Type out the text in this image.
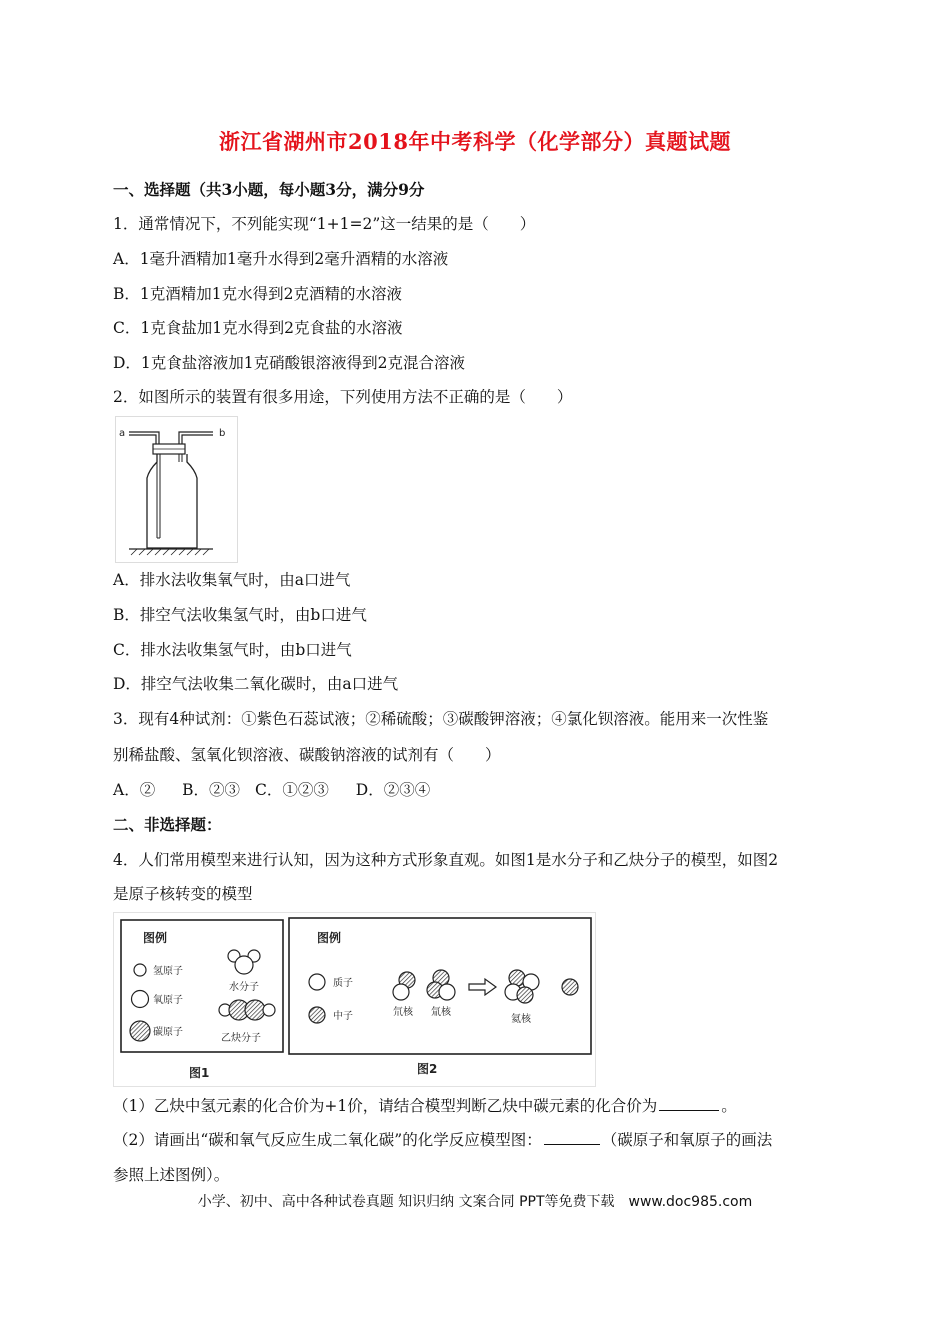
浙江省湖州市2018年中考科学（化学部分）真题试题
一、选择题（共3小题，每小题3分，满分9分
1．通常情况下，不列能实现“1+1=2”这一结果的是（　　）
A．1毫升酒精加1毫升水得到2毫升酒精的水溶液
B．1克酒精加1克水得到2克酒精的水溶液
C．1克食盐加1克水得到2克食盐的水溶液
D．1克食盐溶液加1克硝酸银溶液得到2克混合溶液
2．如图所示的装置有很多用途，下列使用方法不正确的是（　　）
a	b
A．排水法收集氧气时，由a口进气
B．排空气法收集氢气时，由b口进气
C．排水法收集氢气时，由b口进气
D．排空气法收集二氧化碳时，由a口进气
3．现有4种试剂：①紫色石蕊试液；②稀硫酸；③碳酸钾溶液；④氯化钡溶液。能用来一次性鉴
别稀盐酸、氢氧化钡溶液、碳酸钠溶液的试剂有（　　）
A．② B．②③ C．①②③ D．②③④
二、非选择题：
4．人们常用模型来进行认知，因为这种方式形象直观。如图1是水分子和乙炔分子的模型，如图2
是原子核转变的模型
图例
氢原子
氧原子
碳原子
水分子
乙炔分子
图1
图例
质子
中子	氘核 氚核
氦核
图2
（1）乙炔中氢元素的化合价为+1价，请结合模型判断乙炔中碳元素的化合价为	。
（2）请画出“碳和氧气反应生成二氧化碳”的化学反应模型图：	（碳原子和氧原子的画法
参照上述图例）。
小学、初中、高中各种试卷真题 知识归纳 文案合同 PPT等免费下载　www.doc985.com
